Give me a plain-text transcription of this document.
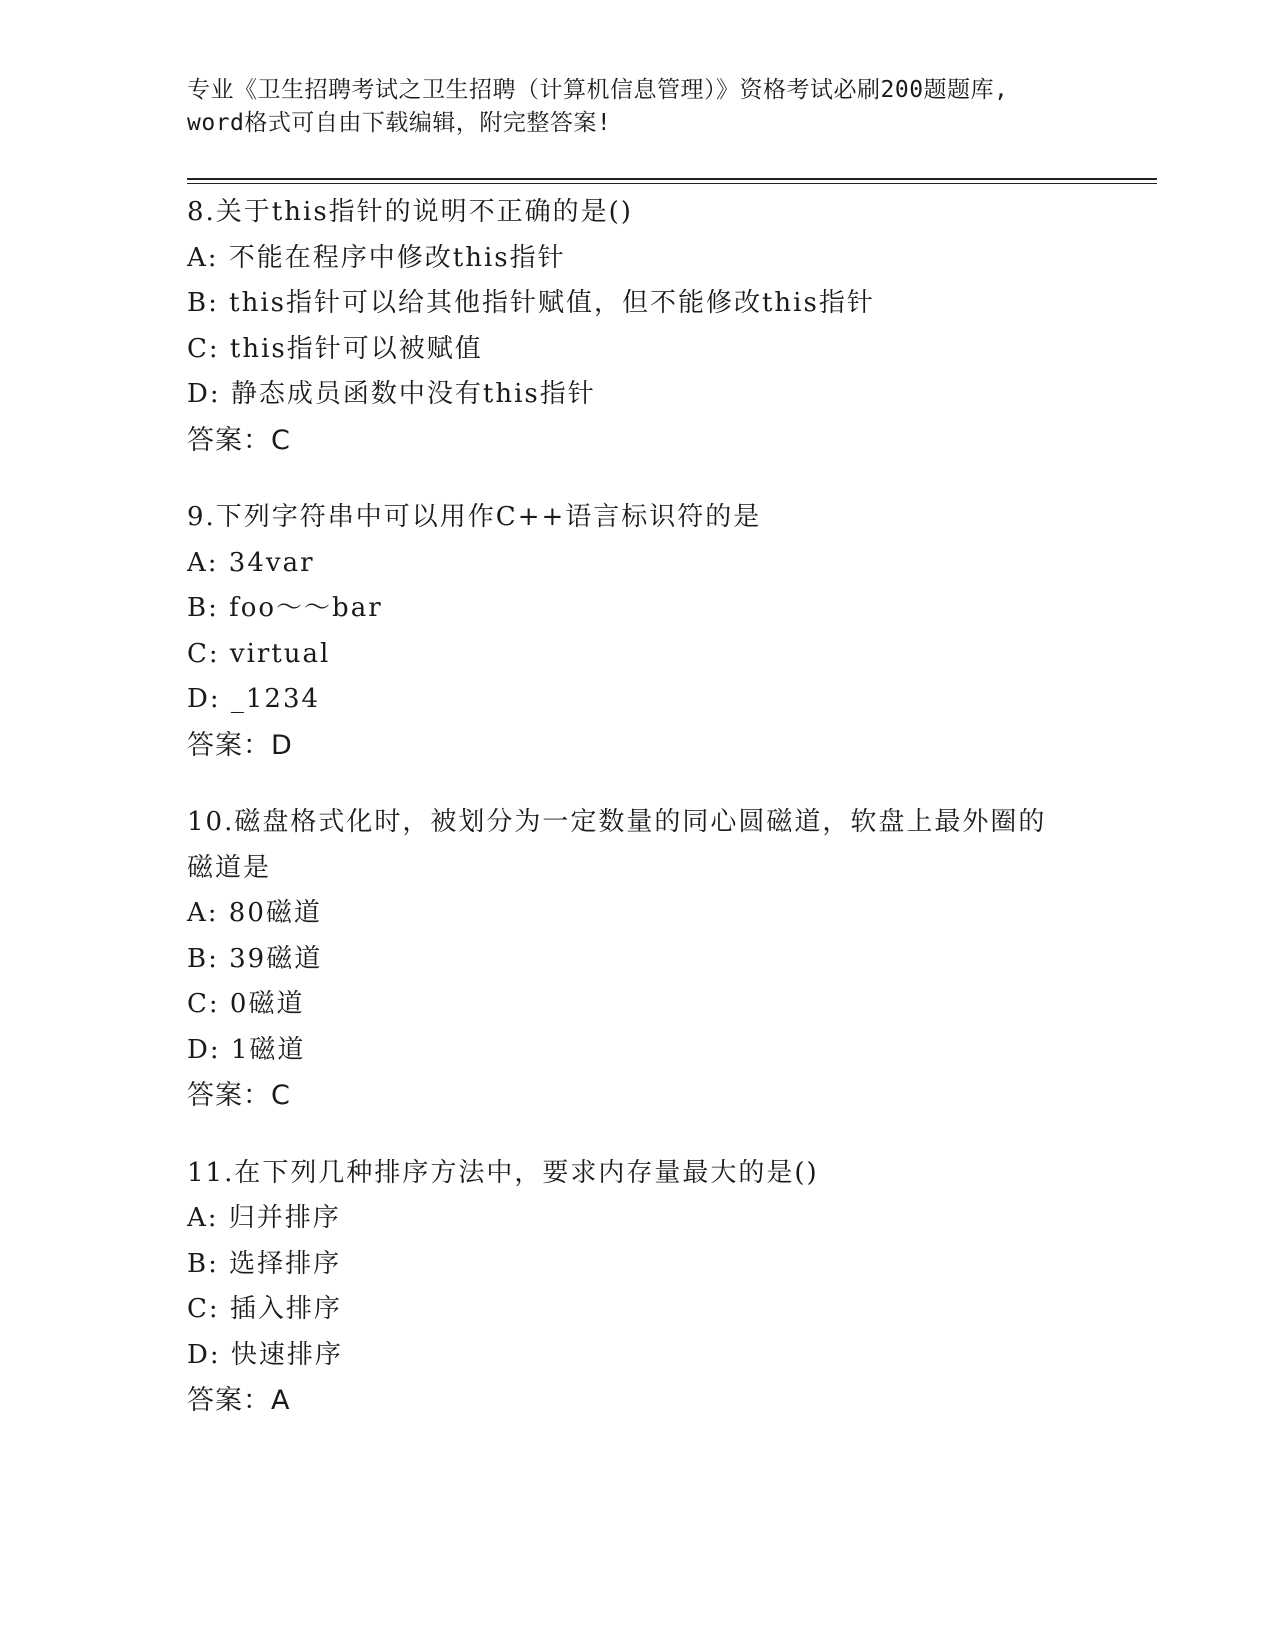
专业《卫生招聘考试之卫生招聘（计算机信息管理）》资格考试必刷200题题库,
word格式可自由下载编辑，附完整答案!
8.关于this指针的说明不正确的是()
A: 不能在程序中修改this指针
B: this指针可以给其他指针赋值，但不能修改this指针
C: this指针可以被赋值
D: 静态成员函数中没有this指针
答案：C
9.下列字符串中可以用作C++语言标识符的是
A: 34var
B: foo～～bar
C: virtual
D: _1234
答案：D
10.磁盘格式化时，被划分为一定数量的同心圆磁道，软盘上最外圈的磁道是
A: 80磁道
B: 39磁道
C: 0磁道
D: 1磁道
答案：C
11.在下列几种排序方法中，要求内存量最大的是()
A: 归并排序
B: 选择排序
C: 插入排序
D: 快速排序
答案：A
